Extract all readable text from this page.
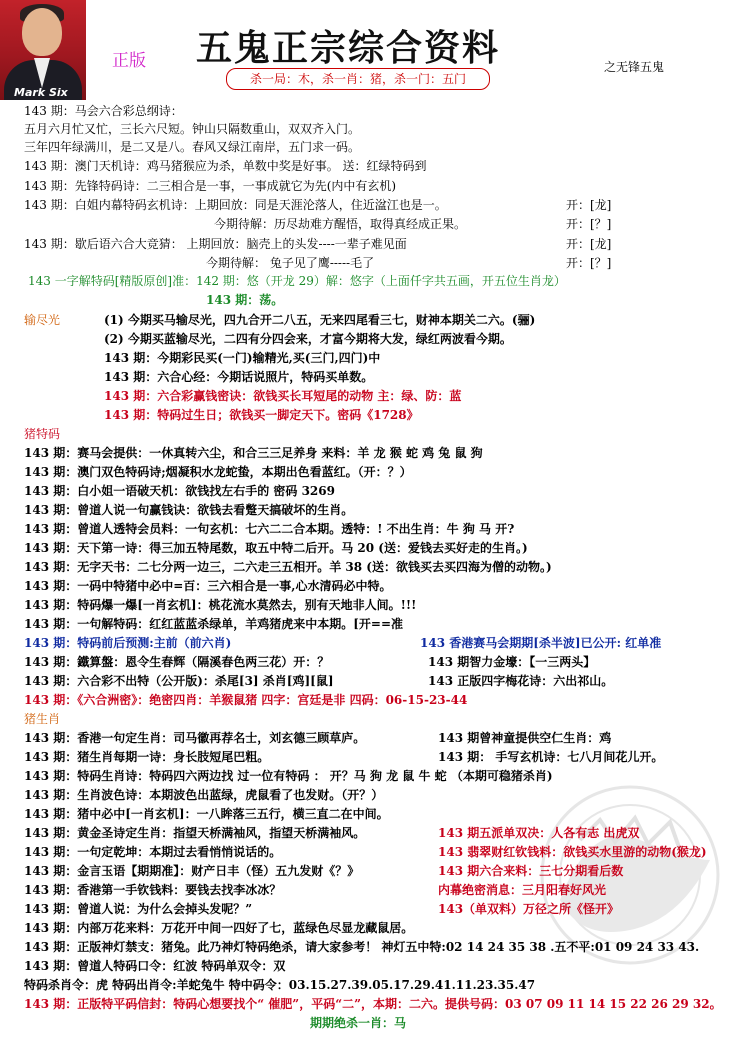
Mark Six
正版 五鬼正宗综合资料
杀一局：木，杀一肖：猪，杀一门：五门
之无锋五鬼
143 期：马会六合彩总纲诗：
五月六月忙又忙，三长六尺短。钟山只隔数重山，双双齐入门。
三年四年绿满川，是二又是八。春风又绿江南岸，五门求一码。
143 期：澳门天机诗：鸡马猪猴应为杀，单数中奖是好事。 送：红绿特码到
143 期：先锋特码诗：二三相合是一事，一事成就它为先(内中有玄机)
143 期：白姐内幕特码玄机诗：上期回放：同是天涯沦落人，住近湓江也是一。	开：[龙]
今期待解：历尽劫难方醒悟，取得真经成正果。	开：[？]
143 期：歇后语六合大竞猜： 上期回放：脑壳上的头发----一辈子难见面	开：[龙]
今期待解： 兔子见了鹰-----毛了	开：[？]
143 一字解特码[精版原创]准：142 期：悠（开龙 29）解：悠字（上面仟字共五画，开五位生肖龙）
143 期：荡。
输尽光	(1) 今期买马输尽光，四九合开二八五，无来四尾看三七，财神本期关二六。(骊)
(2) 今期买蓝输尽光，二四有分四会来，才富今期将大发，绿红两波看今期。
143 期：今期彩民买(一门)输精光,买(三门,四门)中
143 期：六合心经：今期话说照片，特码买单数。
143 期：六合彩赢钱密诀：欲钱买长耳短尾的动物 主：绿、防：蓝
143 期：特码过生日；欲钱买一脚定天下。密码《1728》
猪特码
143 期：赛马会提供：一休真转六尘，和合三三足养身 来料：羊 龙 猴 蛇 鸡 兔 鼠 狗
143 期：澳门双色特码诗;烟凝积水龙蛇蛰，本期出色看蓝红。（开：？）
143 期：白小姐一语破天机：欲钱找左右手的 密码 3269
143 期：曾道人说一句赢钱诀：欲钱去看蹩天搞破坏的生肖。
143 期：曾道人透特会员料：一句玄机：七六二二合本期。透特：! 不出生肖：牛 狗 马 开?
143 期：天下第一诗：得三加五特尾数，取五中特二后开。马 20 (送：爱钱去买好走的生肖。)
143 期：无字天书：二七分两一边三，二六走三五相开。羊 38 (送：欲钱买去买四海为僧的动物。)
143 期：一码中特猪中必中=百：三六相合是一事,心水清码必中特。
143 期：特码爆一爆[一肖玄机]：桃花流水莫然去，别有天地非人间。!!!
143 期：一句解特码：红红蓝蓝杀绿单，羊鸡猪虎来中本期。[开==准
143 期：特码前后预测:主前（前六肖)	143 香港赛马会期期[杀半波]已公开: 红单准
143 期：鐵算盤：恩令生春辉（隔溪春色两三花）开：？	143 期智力金壕：【一三两头】
143 期：六合彩不出特（公开版)：杀尾[3] 杀肖[鸡][鼠]	143 正版四字梅花诗：六出祁山。
143 期：《六合洲密》：绝密四肖：羊猴鼠猪 四字：宫廷是非 四码：06-15-23-44
猪生肖
143 期：香港一句定生肖：司马徽再荐名士，刘玄德三顾草庐。	143 期曾神童提供空仁生肖：鸡
143 期：猪生肖每期一诗：身长肢短尾巴粗。	143 期： 手写玄机诗：七八月间花儿开。
143 期：特码生肖诗：特码四六两边找 过一位有特码 ： 开？马 狗 龙 鼠 牛 蛇 （本期可稳猪杀肖)
143 期：生肖波色诗：本期波色出蓝绿，虎鼠看了也发财。（开？）
143 期：猪中必中[一肖玄机]：一八眸落三五行，横三直二在中间。
143 期：黄金圣诗定生肖：指望天桥满袖风，指望天桥满袖风。	143 期五派单双决：人各有志 出虎双
143 期：一句定乾坤：本期过去看悄悄说话的。	143 翡翠财红钦钱料：欲钱买水里游的动物(猴龙)
143 期：金言玉语【期期准】：财产日丰（怪）五九发财《？》	143 期六合来料：三七分期看后数
143 期：香港第一手钦钱料：要钱去找李冰冰？	内幕绝密消息：三月阳春好风光
143 期：曾道人说：为什么会掉头发呢？”	143（单双料）万径之所《怪开》
143 期：内部万花来料：万花开中间一四好了七，蓝绿色尽显龙藏鼠居。
143 期：正版神灯禁支：猪兔。此乃神灯特码绝杀，请大家参考！ 神灯五中特:02 14 24 35 38 .五不平:01 09 24 33 43.
143 期：曾道人特码口令：红波 特码单双令：双
特码杀肖令：虎 特码出肖令:羊蛇兔牛 特中码令：03.15.27.39.05.17.29.41.11.23.35.47
143 期：正版特平码信封：特码心想要找个“ 催肥”，平码“二”，本期：二六。提供号码：03 07 09 11 14 15 22 26 29 32。
期期绝杀一肖：马
